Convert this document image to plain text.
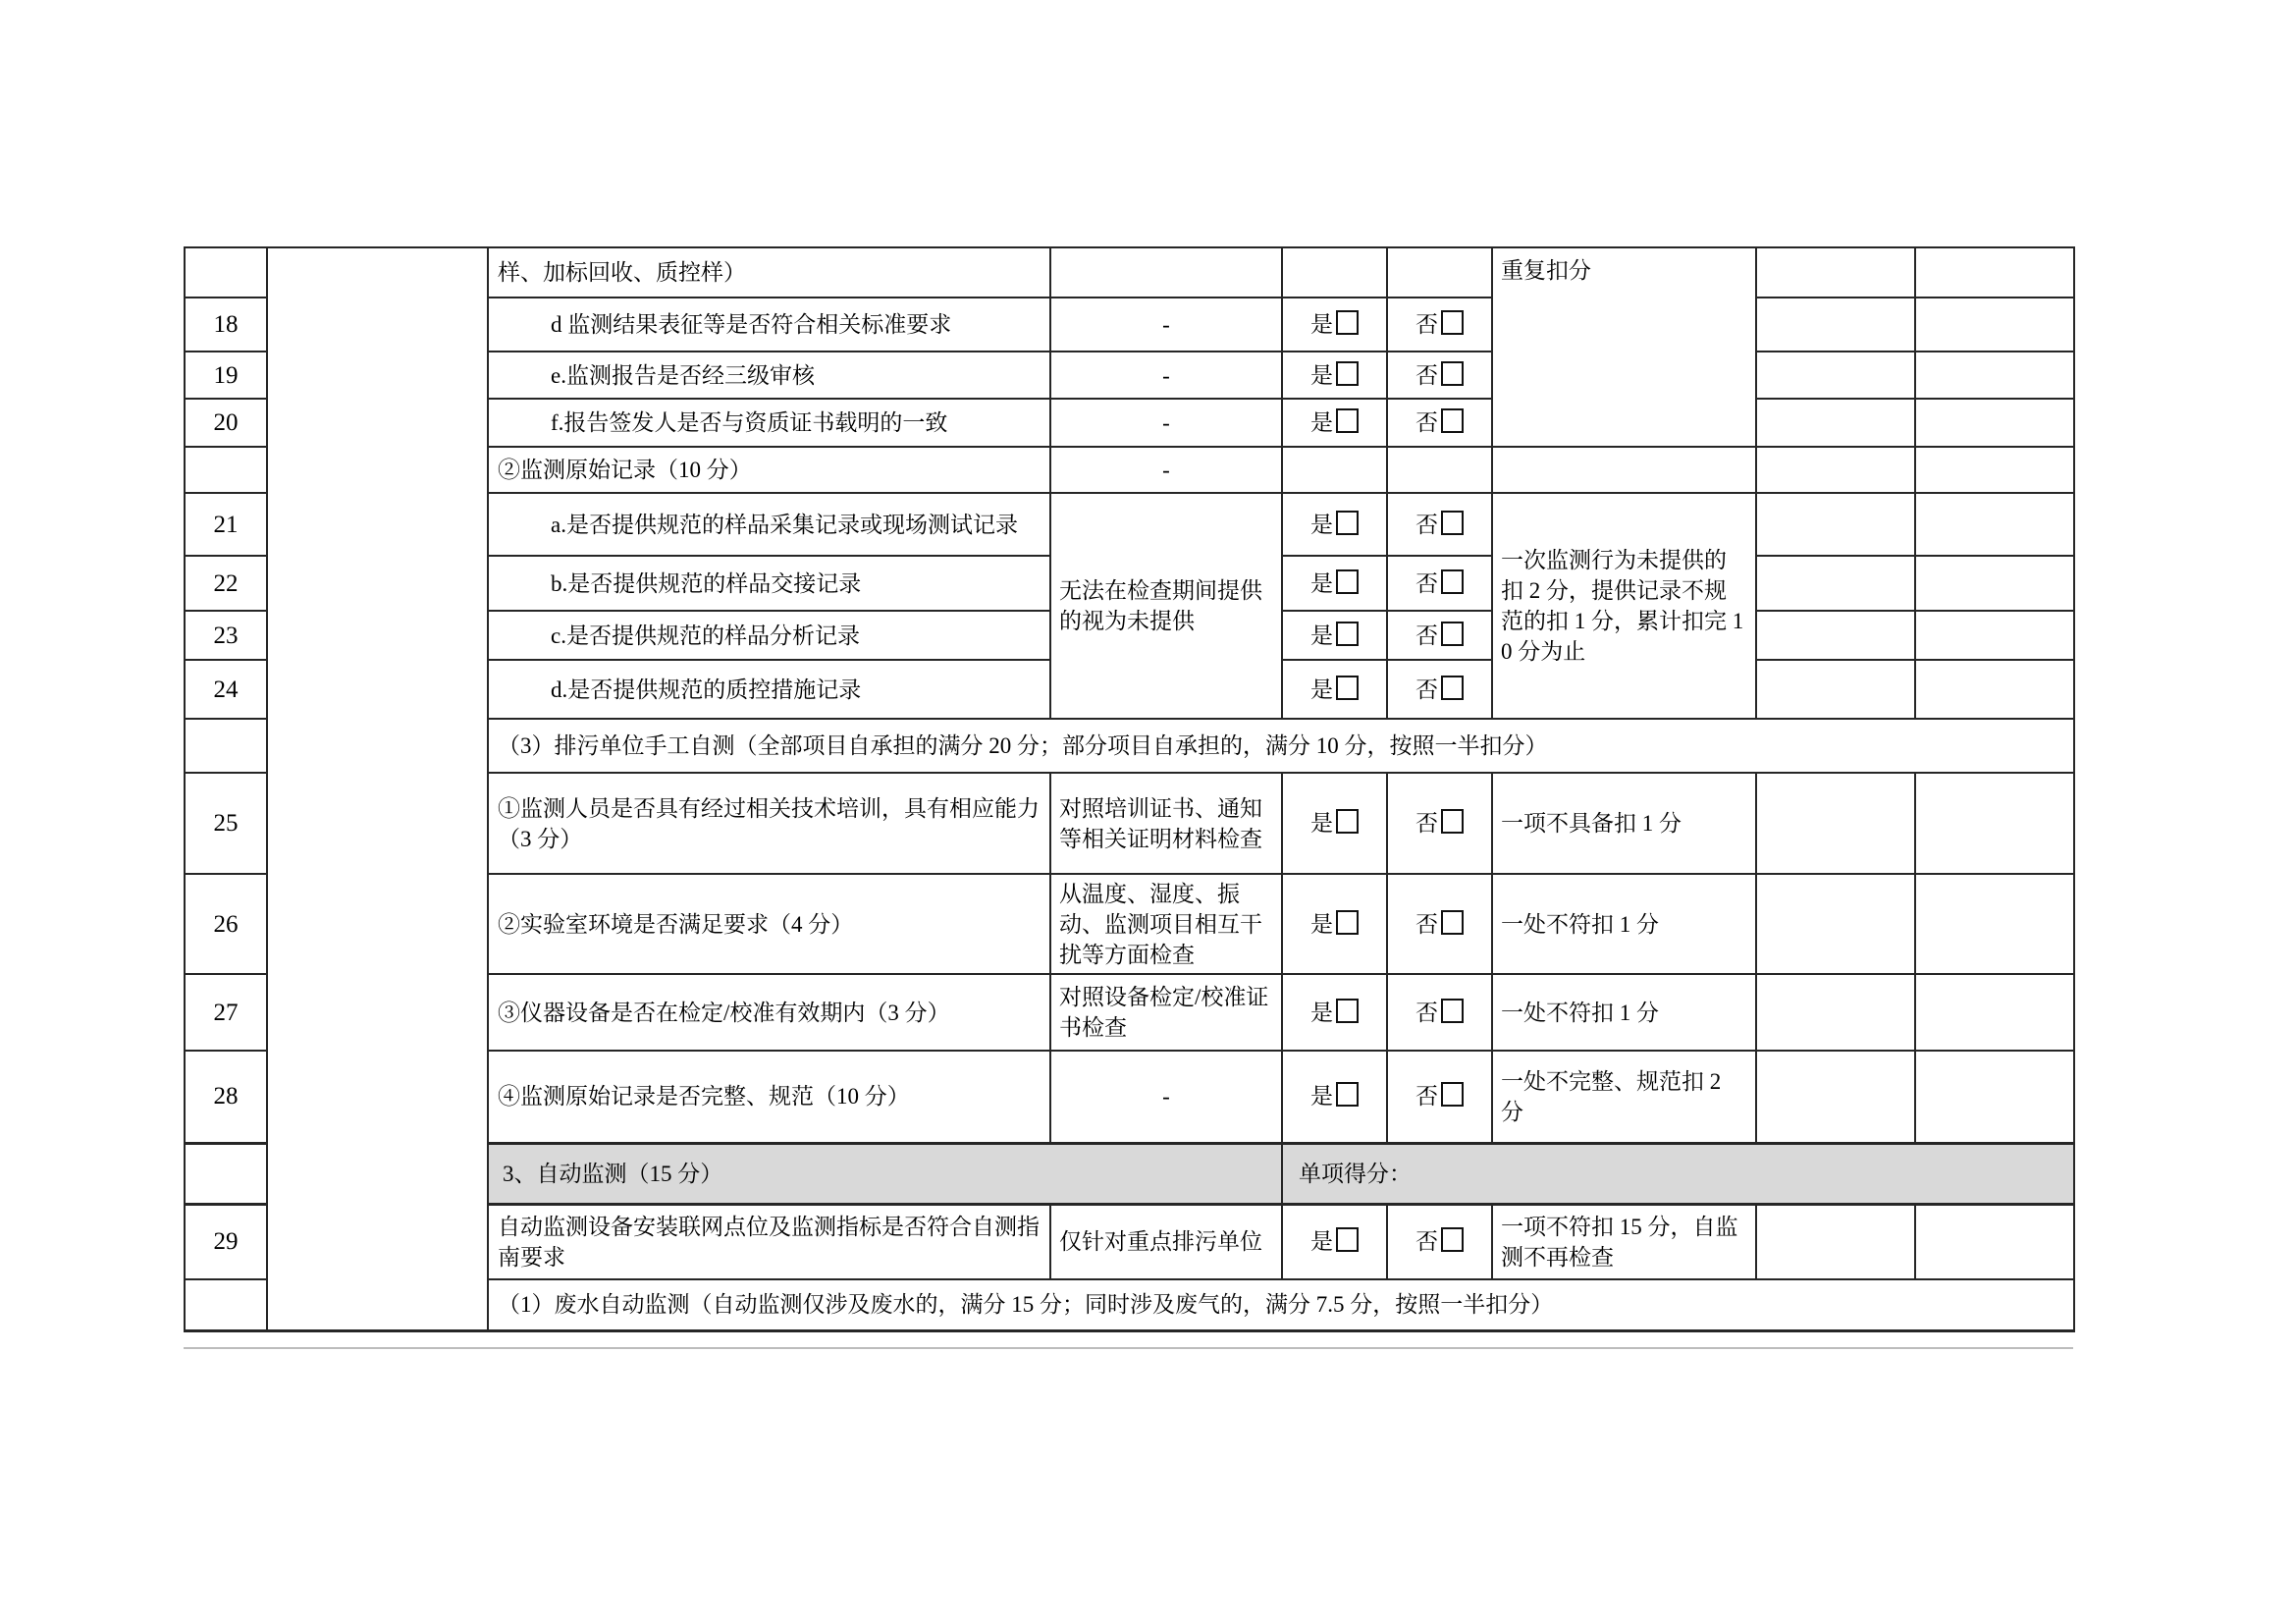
		样、加标回收、质控样）				重复扣分		
18		d 监测结果表征等是否符合相关标准要求	-	是	否			
19		e.监测报告是否经三级审核	-	是	否			
20		f.报告签发人是否与资质证书载明的一致	-	是	否			
		②监测原始记录（10 分）	-					
21		a.是否提供规范的样品采集记录或现场测试记录	无法在检查期间提供的视为未提供	是	否	一次监测行为未提供的扣 2 分，提供记录不规范的扣 1 分，累计扣完 10 分为止		
22		b.是否提供规范的样品交接记录		是	否			
23		c.是否提供规范的样品分析记录		是	否			
24		d.是否提供规范的质控措施记录		是	否			
		（3）排污单位手工自测（全部项目自承担的满分 20 分；部分项目自承担的，满分 10 分，按照一半扣分）						
25		①监测人员是否具有经过相关技术培训，具有相应能力（3 分）	对照培训证书、通知等相关证明材料检查	是	否	一项不具备扣 1 分		
26		②实验室环境是否满足要求（4 分）	从温度、湿度、振动、监测项目相互干扰等方面检查	是	否	一处不符扣 1 分		
27		③仪器设备是否在检定/校准有效期内（3 分）	对照设备检定/校准证书检查	是	否	一处不符扣 1 分		
28		④监测原始记录是否完整、规范（10 分）	-	是	否	一处不完整、规范扣 2 分		
		3、自动监测（15 分）		单项得分：				
29		自动监测设备安装联网点位及监测指标是否符合自测指南要求	仅针对重点排污单位	是	否	一项不符扣 15 分，自监测不再检查		
		（1）废水自动监测（自动监测仅涉及废水的，满分 15 分；同时涉及废气的，满分 7.5 分，按照一半扣分）						
